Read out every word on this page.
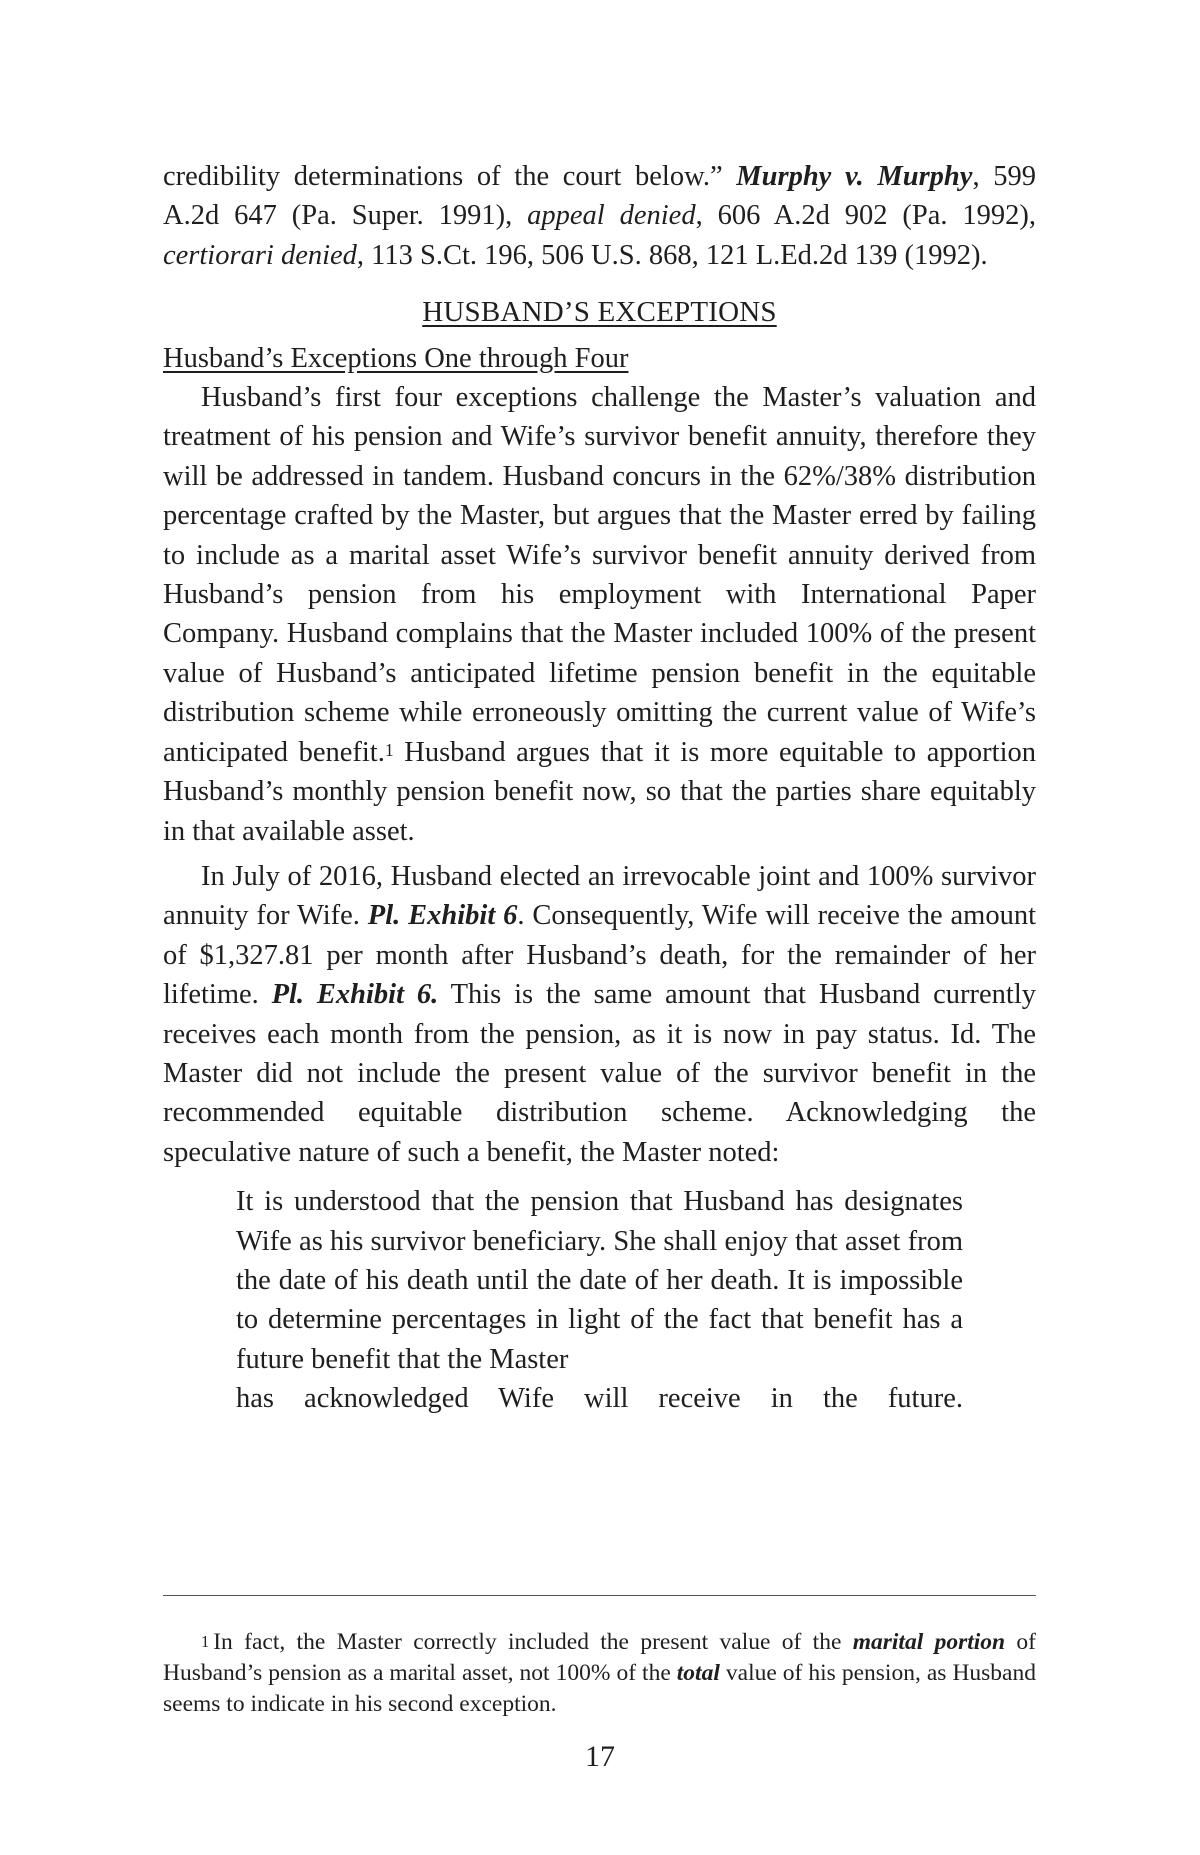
credibility determinations of the court below.” Murphy v. Murphy, 599 A.2d 647 (Pa. Super. 1991), appeal denied, 606 A.2d 902 (Pa. 1992), certiorari denied, 113 S.Ct. 196, 506 U.S. 868, 121 L.Ed.2d 139 (1992).

HUSBAND’S EXCEPTIONS

Husband’s Exceptions One through Four

Husband’s first four exceptions challenge the Master’s valuation and treatment of his pension and Wife’s survivor benefit annuity, therefore they will be addressed in tandem. Husband concurs in the 62%/38% distribution percentage crafted by the Master, but argues that the Master erred by failing to include as a marital asset Wife’s survivor benefit annuity derived from Husband’s pension from his employment with International Paper Company. Husband complains that the Master included 100% of the present value of Husband’s anticipated lifetime pension benefit in the equitable distribution scheme while erroneously omitting the current value of Wife’s anticipated benefit.$^1$ Husband argues that it is more equitable to apportion Husband’s monthly pension benefit now, so that the parties share equitably in that available asset.

In July of 2016, Husband elected an irrevocable joint and 100% survivor annuity for Wife. Pl. Exhibit 6. Consequently, Wife will receive the amount of $1,327.81 per month after Husband’s death, for the remainder of her lifetime. Pl. Exhibit 6. This is the same amount that Husband currently receives each month from the pension, as it is now in pay status. Id. The Master did not include the present value of the survivor benefit in the recommended equitable distribution scheme. Acknowledging the speculative nature of such a benefit, the Master noted:

It is understood that the pension that Husband has designates Wife as his survivor beneficiary. She shall enjoy that asset from the date of his death until the date of her death. It is impossible to determine percentages in light of the fact that benefit has a future benefit that the Master
has acknowledged Wife will receive in the future.

$^1$ In fact, the Master correctly included the present value of the marital portion of Husband’s pension as a marital asset, not 100% of the total value of his pension, as Husband seems to indicate in his second exception.

17
